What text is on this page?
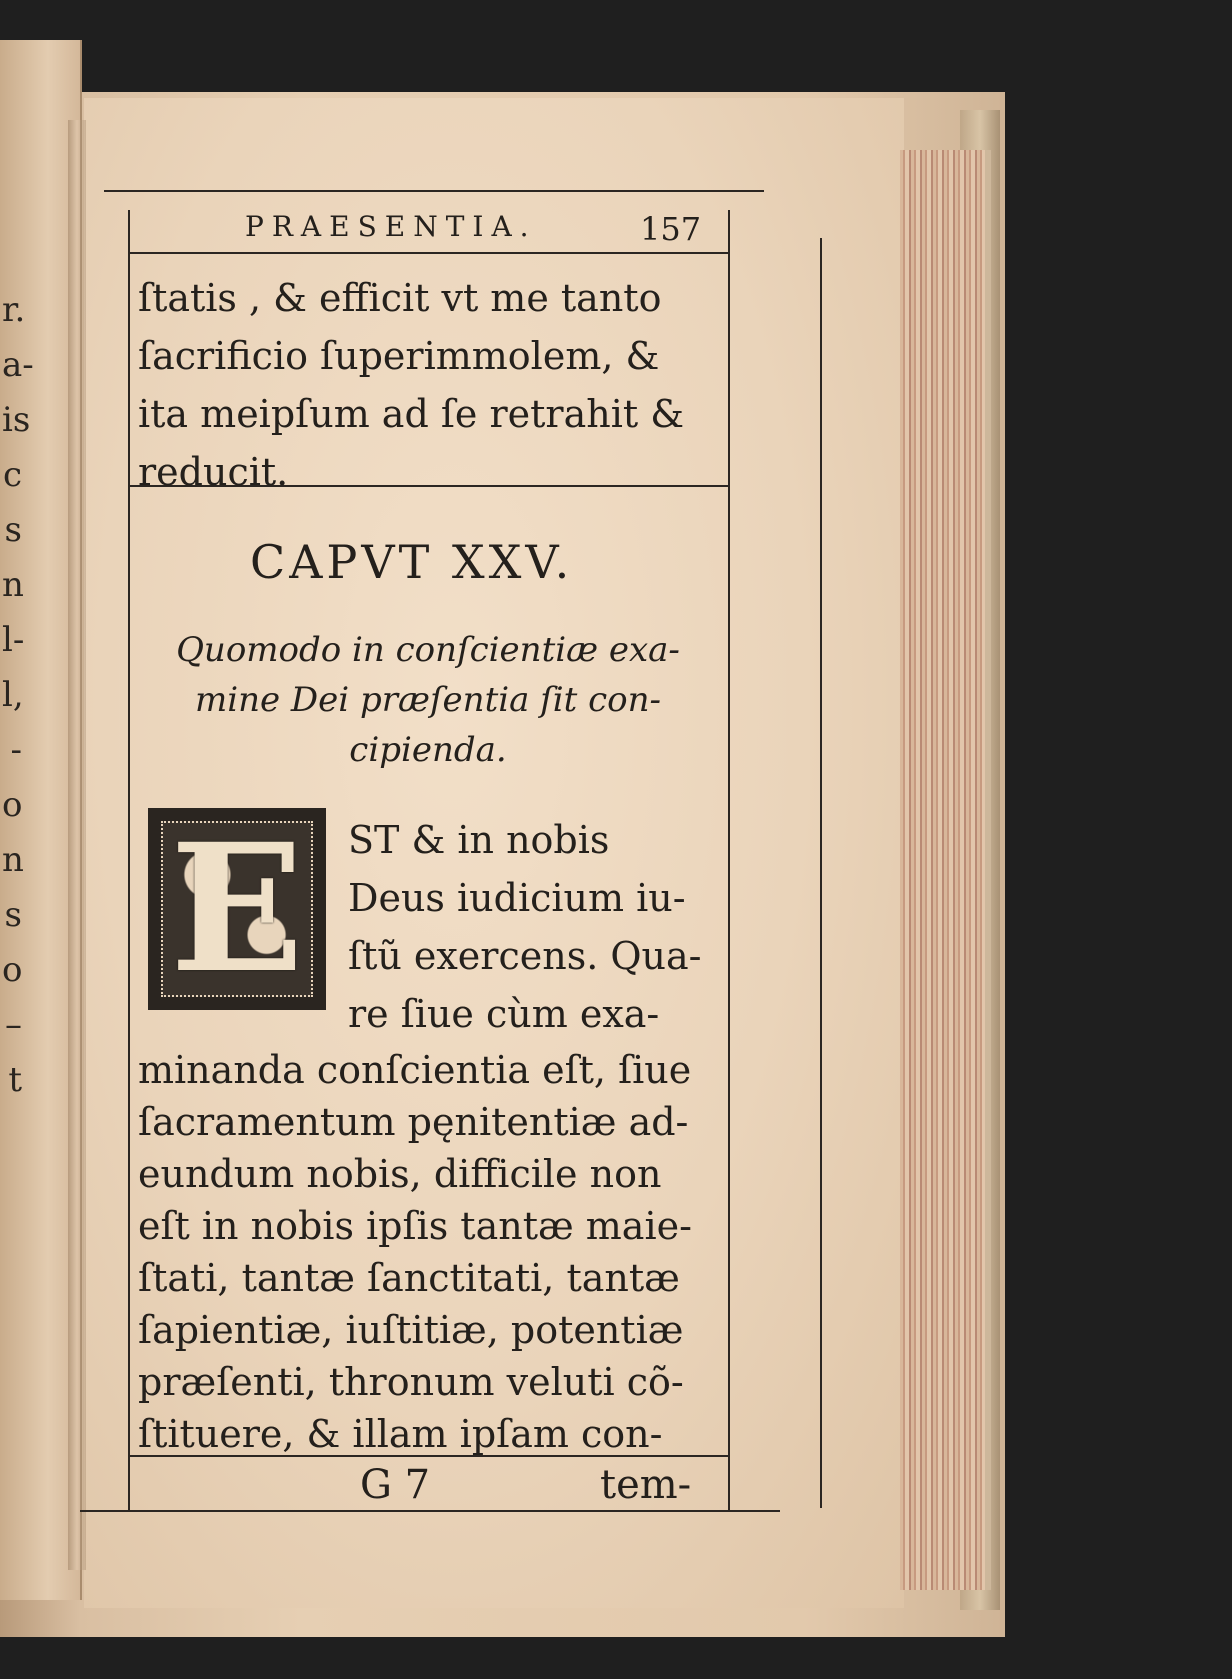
r.
a-
is
c
s
n
l-
l,
-
o
n
s
o
–
t
PRAESENTIA.	157
ſtatis , & efficit vt me tanto
ſacrificio ſuperimmolem, &
ita meipſum ad ſe retrahit &
reducit.
CAPVT XXV.
Quomodo in conſcientiæ exa-
mine Dei præſentia ſit con-
cipienda.
E	ST & in nobis
Deus iudicium iu-
ſtũ exercens. Qua-
re ſiue cùm exa-
minanda conſcientia eſt, ſiue
ſacramentum pęnitentiæ ad-
eundum nobis, difficile non
eſt in nobis ipſis tantæ maie-
ſtati, tantæ ſanctitati, tantæ
ſapientiæ, iuſtitiæ, potentiæ
præſenti, thronum veluti cõ-
ſtituere, & illam ipſam con-
G 7	tem-
